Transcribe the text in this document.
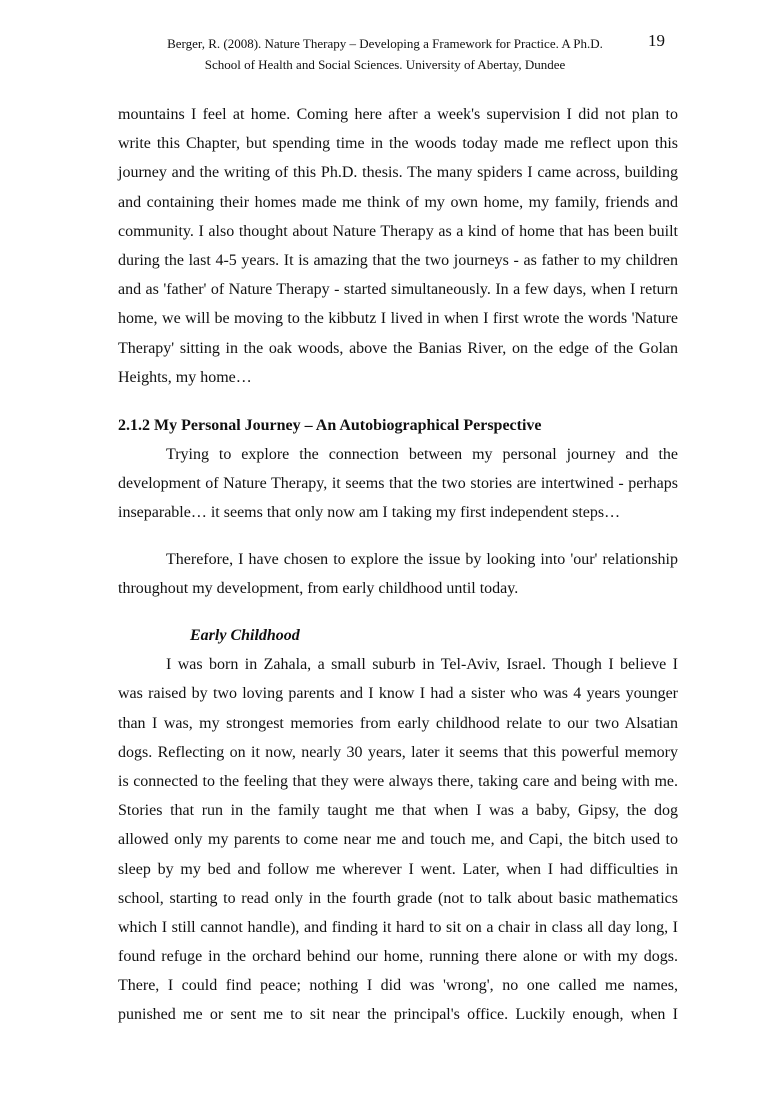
Berger, R. (2008). Nature Therapy – Developing a Framework for Practice. A Ph.D.
School of Health and Social Sciences. University of Abertay, Dundee
19
mountains I feel at home. Coming here after a week's supervision I did not plan to
write this Chapter, but spending time in the woods today made me reflect upon this
journey and the writing of this Ph.D. thesis. The many spiders I came across, building
and containing their homes made me think of my own home, my family, friends and
community. I also thought about Nature Therapy as a kind of home that has been built
during the last 4-5 years. It is amazing that the two journeys - as father to my children
and as 'father' of Nature Therapy - started simultaneously. In a few days, when I return
home, we will be moving to the kibbutz I lived in when I first wrote the words 'Nature
Therapy' sitting in the oak woods, above the Banias River, on the edge of the Golan
Heights, my home…
2.1.2 My Personal Journey – An Autobiographical Perspective
Trying to explore the connection between my personal journey and the
development of Nature Therapy, it seems that the two stories are intertwined - perhaps
inseparable… it seems that only now am I taking my first independent steps…
Therefore, I have chosen to explore the issue by looking into 'our' relationship
throughout my development, from early childhood until today.
Early Childhood
I was born in Zahala, a small suburb in Tel-Aviv, Israel. Though I believe I
was raised by two loving parents and I know I had a sister who was 4 years younger
than I was, my strongest memories from early childhood relate to our two Alsatian
dogs. Reflecting on it now, nearly 30 years, later it seems that this powerful memory
is connected to the feeling that they were always there, taking care and being with me.
Stories that run in the family taught me that when I was a baby, Gipsy, the dog
allowed only my parents to come near me and touch me, and Capi, the bitch used to
sleep by my bed and follow me wherever I went. Later, when I had difficulties in
school, starting to read only in the fourth grade (not to talk about basic mathematics
which I still cannot handle), and finding it hard to sit on a chair in class all day long, I
found refuge in the orchard behind our home, running there alone or with my dogs.
There, I could find peace; nothing I did was 'wrong', no one called me names,
punished me or sent me to sit near the principal's office. Luckily enough, when I
